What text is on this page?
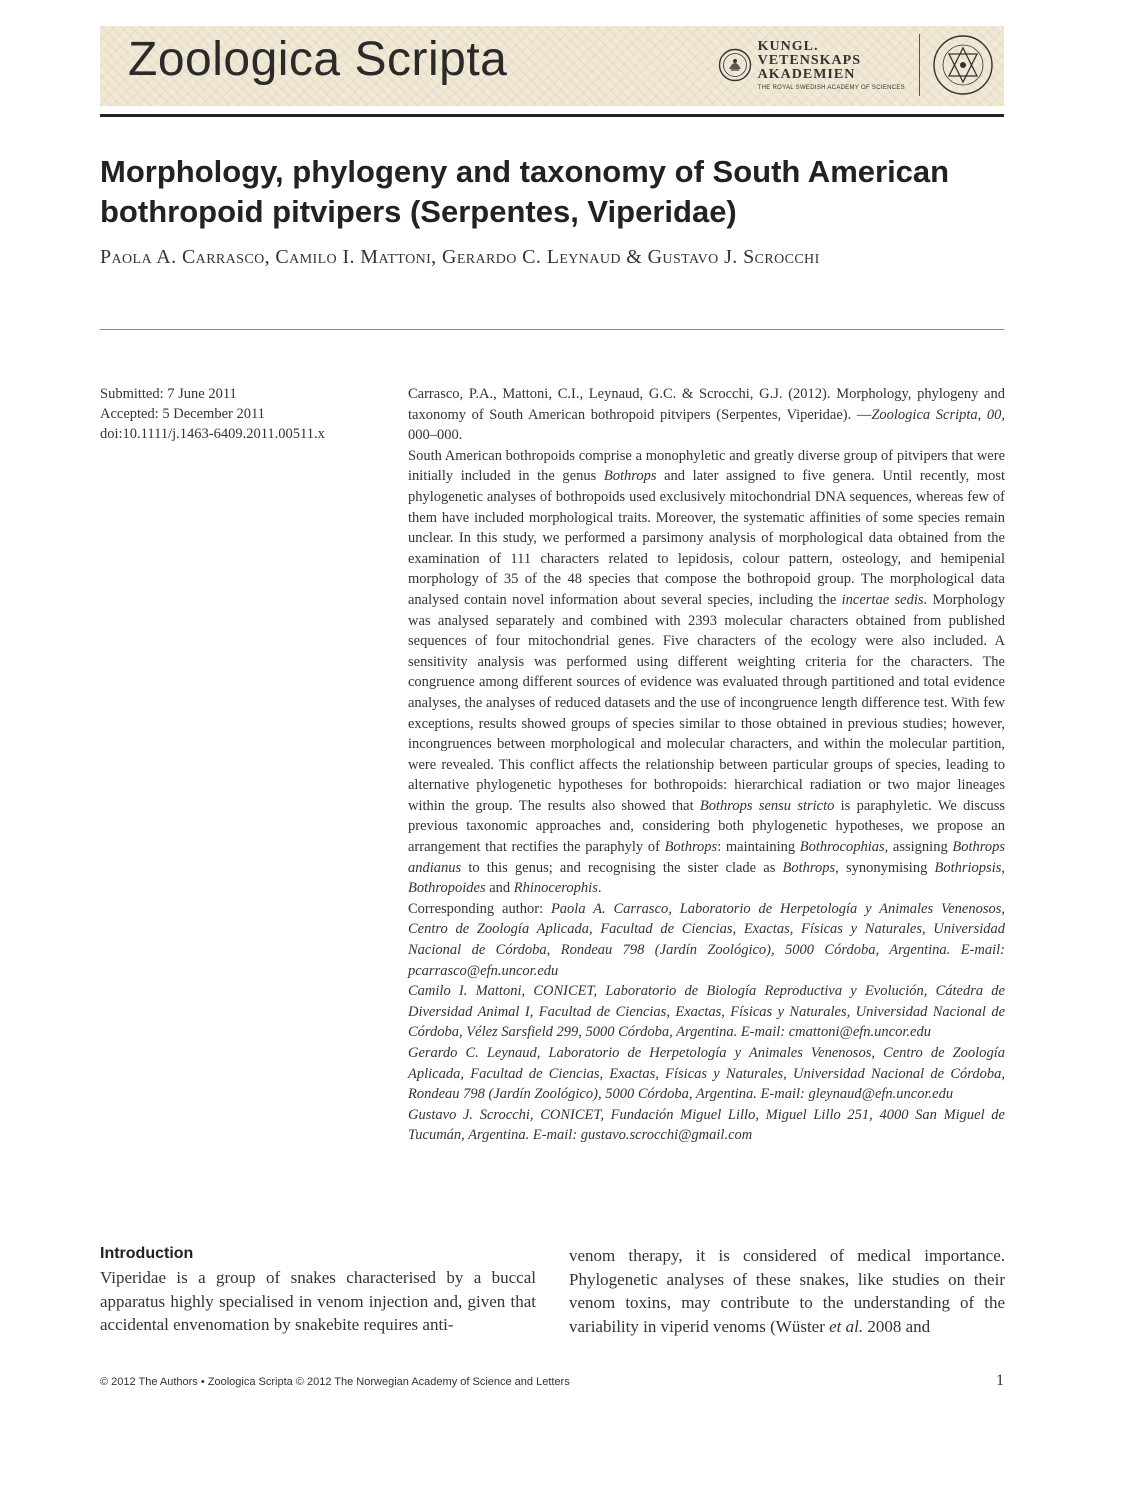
Zoologica Scripta	KUNGL.
VETENSKAPS
AKADEMIEN
THE ROYAL SWEDISH ACADEMY OF SCIENCES
Morphology, phylogeny and taxonomy of South American
bothropoid pitvipers (Serpentes, Viperidae)
Paola A. Carrasco, Camilo I. Mattoni, Gerardo C. Leynaud & Gustavo J. Scrocchi
Submitted: 7 June 2011
Accepted: 5 December 2011
doi:10.1111/j.1463-6409.2011.00511.x

Carrasco, P.A., Mattoni, C.I., Leynaud, G.C. & Scrocchi, G.J. (2012). Morphology, phylogeny and taxonomy of South American bothropoid pitvipers (Serpentes, Viperidae). —Zoologica Scripta, 00, 000–000.

South American bothropoids comprise a monophyletic and greatly diverse group of pitvipers that were initially included in the genus Bothrops and later assigned to five genera. Until recently, most phylogenetic analyses of bothropoids used exclusively mitochondrial DNA sequences, whereas few of them have included morphological traits. Moreover, the systematic affinities of some species remain unclear. In this study, we performed a parsimony analysis of morphological data obtained from the examination of 111 characters related to lepidosis, colour pattern, osteology, and hemipenial morphology of 35 of the 48 species that compose the bothropoid group. The morphological data analysed contain novel information about several species, including the incertae sedis. Morphology was analysed separately and combined with 2393 molecular characters obtained from published sequences of four mitochondrial genes. Five characters of the ecology were also included. A sensitivity analysis was performed using different weighting criteria for the characters. The congruence among different sources of evidence was evaluated through partitioned and total evidence analyses, the analyses of reduced datasets and the use of incongruence length difference test. With few exceptions, results showed groups of species similar to those obtained in previous studies; however, incongruences between morphological and molecular characters, and within the molecular partition, were revealed. This conflict affects the relationship between particular groups of species, leading to alternative phylogenetic hypotheses for bothropoids: hierarchical radiation or two major lineages within the group. The results also showed that Bothrops sensu stricto is paraphyletic. We discuss previous taxonomic approaches and, considering both phylogenetic hypotheses, we propose an arrangement that rectifies the paraphyly of Bothrops: maintaining Bothrocophias, assigning Bothrops andianus to this genus; and recognising the sister clade as Bothrops, synonymising Bothriopsis, Bothropoides and Rhinocerophis.

Corresponding author: Paola A. Carrasco, Laboratorio de Herpetología y Animales Venenosos, Centro de Zoología Aplicada, Facultad de Ciencias, Exactas, Físicas y Naturales, Universidad Nacional de Córdoba, Rondeau 798 (Jardín Zoológico), 5000 Córdoba, Argentina. E-mail: pcarrasco@efn.uncor.edu

Camilo I. Mattoni, CONICET, Laboratorio de Biología Reproductiva y Evolución, Cátedra de Diversidad Animal I, Facultad de Ciencias, Exactas, Físicas y Naturales, Universidad Nacional de Córdoba, Vélez Sarsfield 299, 5000 Córdoba, Argentina. E-mail: cmattoni@efn.uncor.edu

Gerardo C. Leynaud, Laboratorio de Herpetología y Animales Venenosos, Centro de Zoología Aplicada, Facultad de Ciencias, Exactas, Físicas y Naturales, Universidad Nacional de Córdoba, Rondeau 798 (Jardín Zoológico), 5000 Córdoba, Argentina. E-mail: gleynaud@efn.uncor.edu

Gustavo J. Scrocchi, CONICET, Fundación Miguel Lillo, Miguel Lillo 251, 4000 San Miguel de Tucumán, Argentina. E-mail: gustavo.scrocchi@gmail.com

Introduction

Viperidae is a group of snakes characterised by a buccal apparatus highly specialised in venom injection and, given that accidental envenomation by snakebite requires anti-

venom therapy, it is considered of medical importance. Phylogenetic analyses of these snakes, like studies on their venom toxins, may contribute to the understanding of the variability in viperid venoms (Wüster et al. 2008 and

© 2012 The Authors • Zoologica Scripta © 2012 The Norwegian Academy of Science and Letters	1
